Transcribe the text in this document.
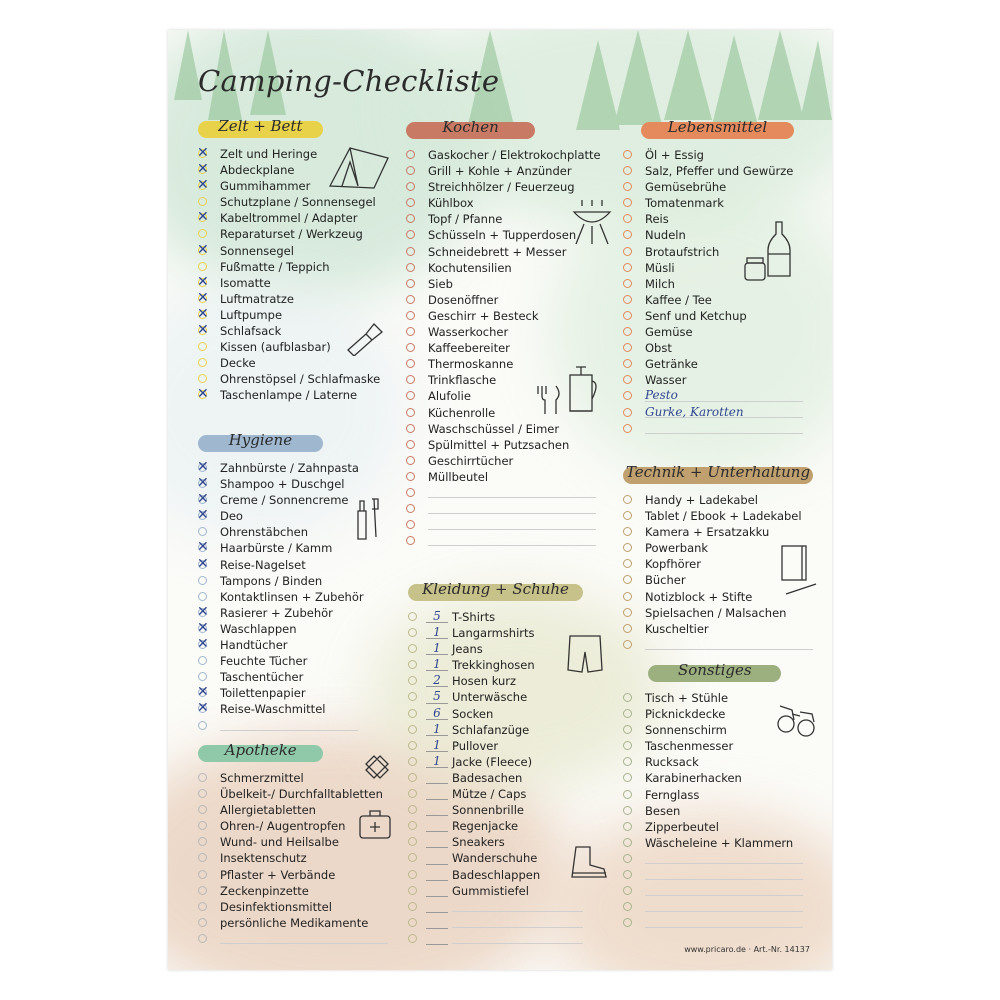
Camping-Checkliste
Zelt + Bett
✕ Zelt und Heringe
✕ Abdeckplane
✕ Gummihammer
Schutzplane / Sonnensegel
✕ Kabeltrommel / Adapter
Reparaturset / Werkzeug
✕ Sonnensegel
Fußmatte / Teppich
✕ Isomatte
✕ Luftmatratze
✕ Luftpumpe
✕ Schlafsack
Kissen (aufblasbar)
Decke
Ohrenstöpsel / Schlafmaske
✕ Taschenlampe / Laterne
Hygiene
✕ Zahnbürste / Zahnpasta
✕ Shampoo + Duschgel
✕ Creme / Sonnencreme
✕ Deo
Ohrenstäbchen
✕ Haarbürste / Kamm
✕ Reise-Nagelset
Tampons / Binden
Kontaktlinsen + Zubehör
✕ Rasierer + Zubehör
✕ Waschlappen
✕ Handtücher
Feuchte Tücher
Taschentücher
✕ Toilettenpapier
✕ Reise-Waschmittel
Apotheke
Schmerzmittel
Übelkeit-/ Durchfalltabletten
Allergietabletten
Ohren-/ Augentropfen
Wund- und Heilsalbe
Insektenschutz
Pflaster + Verbände
Zeckenpinzette
Desinfektionsmittel
persönliche Medikamente
Kochen
Gaskocher / Elektrokochplatte
Grill + Kohle + Anzünder
Streichhölzer / Feuerzeug
Kühlbox
Topf / Pfanne
Schüsseln + Tupperdosen
Schneidebrett + Messer
Kochutensilien
Sieb
Dosenöffner
Geschirr + Besteck
Wasserkocher
Kaffeebereiter
Thermoskanne
Trinkflasche
Alufolie
Küchenrolle
Waschschüssel / Eimer
Spülmittel + Putzsachen
Geschirrtücher
Müllbeutel
Kleidung + Schuhe
5 T-Shirts
1 Langarmshirts
1 Jeans
1 Trekkinghosen
2 Hosen kurz
5 Unterwäsche
6 Socken
1 Schlafanzüge
1 Pullover
1 Jacke (Fleece)
Badesachen
Mütze / Caps
Sonnenbrille
Regenjacke
Sneakers
Wanderschuhe
Badeschlappen
Gummistiefel
Lebensmittel
Öl + Essig
Salz, Pfeffer und Gewürze
Gemüsebrühe
Tomatenmark
Reis
Nudeln
Brotaufstrich
Müsli
Milch
Kaffee / Tee
Senf und Ketchup
Gemüse
Obst
Getränke
Wasser
Pesto
Gurke, Karotten
Technik + Unterhaltung
Handy + Ladekabel
Tablet / Ebook + Ladekabel
Kamera + Ersatzakku
Powerbank
Kopfhörer
Bücher
Notizblock + Stifte
Spielsachen / Malsachen
Kuscheltier
Sonstiges
Tisch + Stühle
Picknickdecke
Sonnenschirm
Taschenmesser
Rucksack
Karabinerhacken
Fernglass
Besen
Zipperbeutel
Wäscheleine + Klammern
www.pricaro.de · Art.-Nr. 14137
